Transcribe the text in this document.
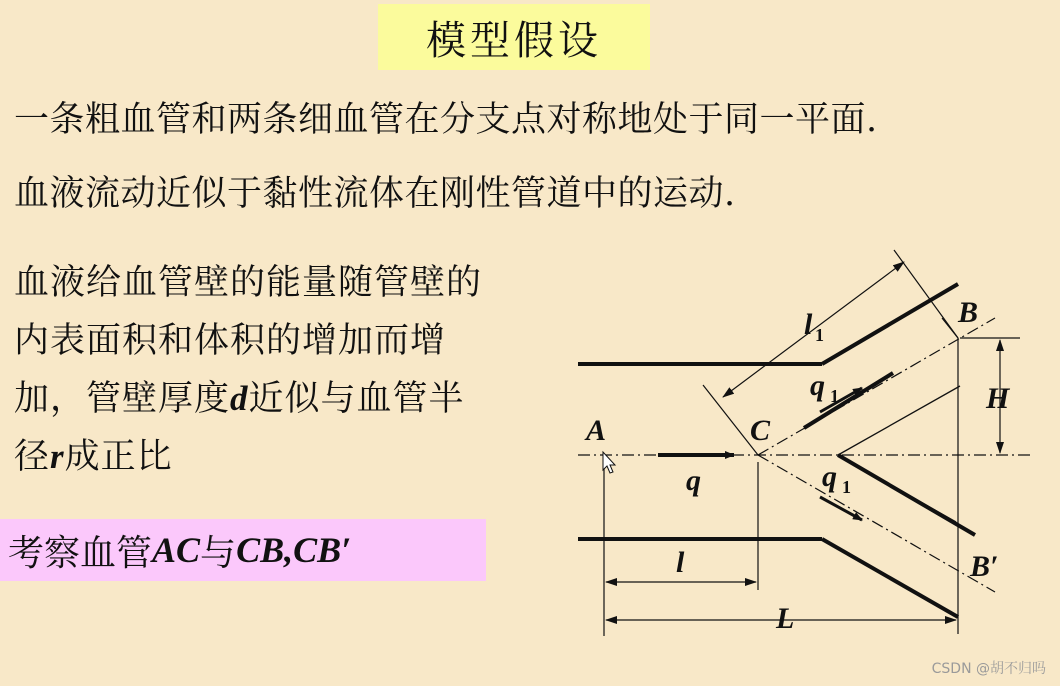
模型假设
一条粗血管和两条细血管在分支点对称地处于同一平面.
血液流动近似于黏性流体在刚性管道中的运动.
血液给血管壁的能量随管壁的内表面积和体积的增加而增加，管壁厚度d近似与血管半径r成正比
考察血管 AC 与 CB , CB′
A	C
B
B′
H
q
q 1
q 1
l 1
l
L
CSDN @胡不归吗
